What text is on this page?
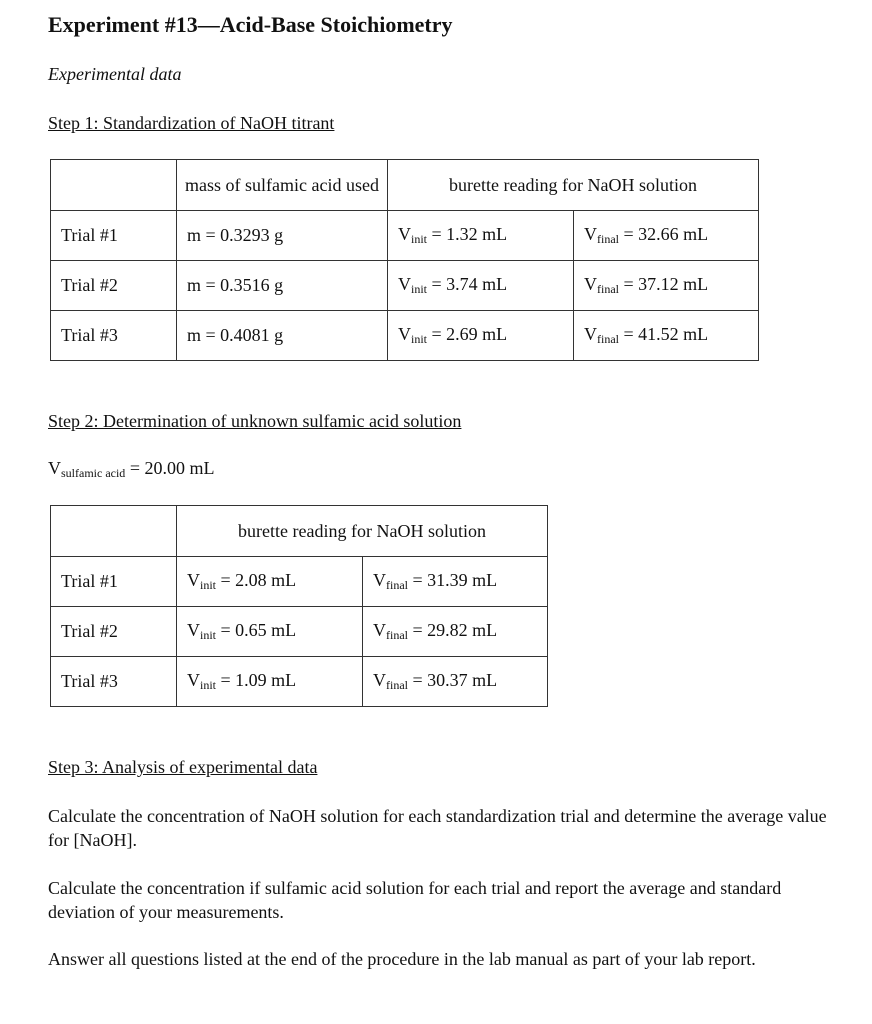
Experiment #13—Acid-Base Stoichiometry
Experimental data
Step 1: Standardization of NaOH titrant
	mass of sulfamic acid used	burette reading for NaOH solution	
Trial #1	m = 0.3293 g	$V_{init} = 1.32$ mL	$V_{final} = 32.66$ mL
Trial #2	m = 0.3516 g	$V_{init} = 3.74$ mL	$V_{final} = 37.12$ mL
Trial #3	m = 0.4081 g	$V_{init} = 2.69$ mL	$V_{final} = 41.52$ mL
Step 2: Determination of unknown sulfamic acid solution
$V_{sulfamic acid} = 20.00$ mL
	burette reading for NaOH solution	
Trial #1	$V_{init} = 2.08$ mL	$V_{final} = 31.39$ mL
Trial #2	$V_{init} = 0.65$ mL	$V_{final} = 29.82$ mL
Trial #3	$V_{init} = 1.09$ mL	$V_{final} = 30.37$ mL
Step 3: Analysis of experimental data
Calculate the concentration of NaOH solution for each standardization trial and determine the average value for [NaOH].
Calculate the concentration if sulfamic acid solution for each trial and report the average and standard deviation of your measurements.
Answer all questions listed at the end of the procedure in the lab manual as part of your lab report.
